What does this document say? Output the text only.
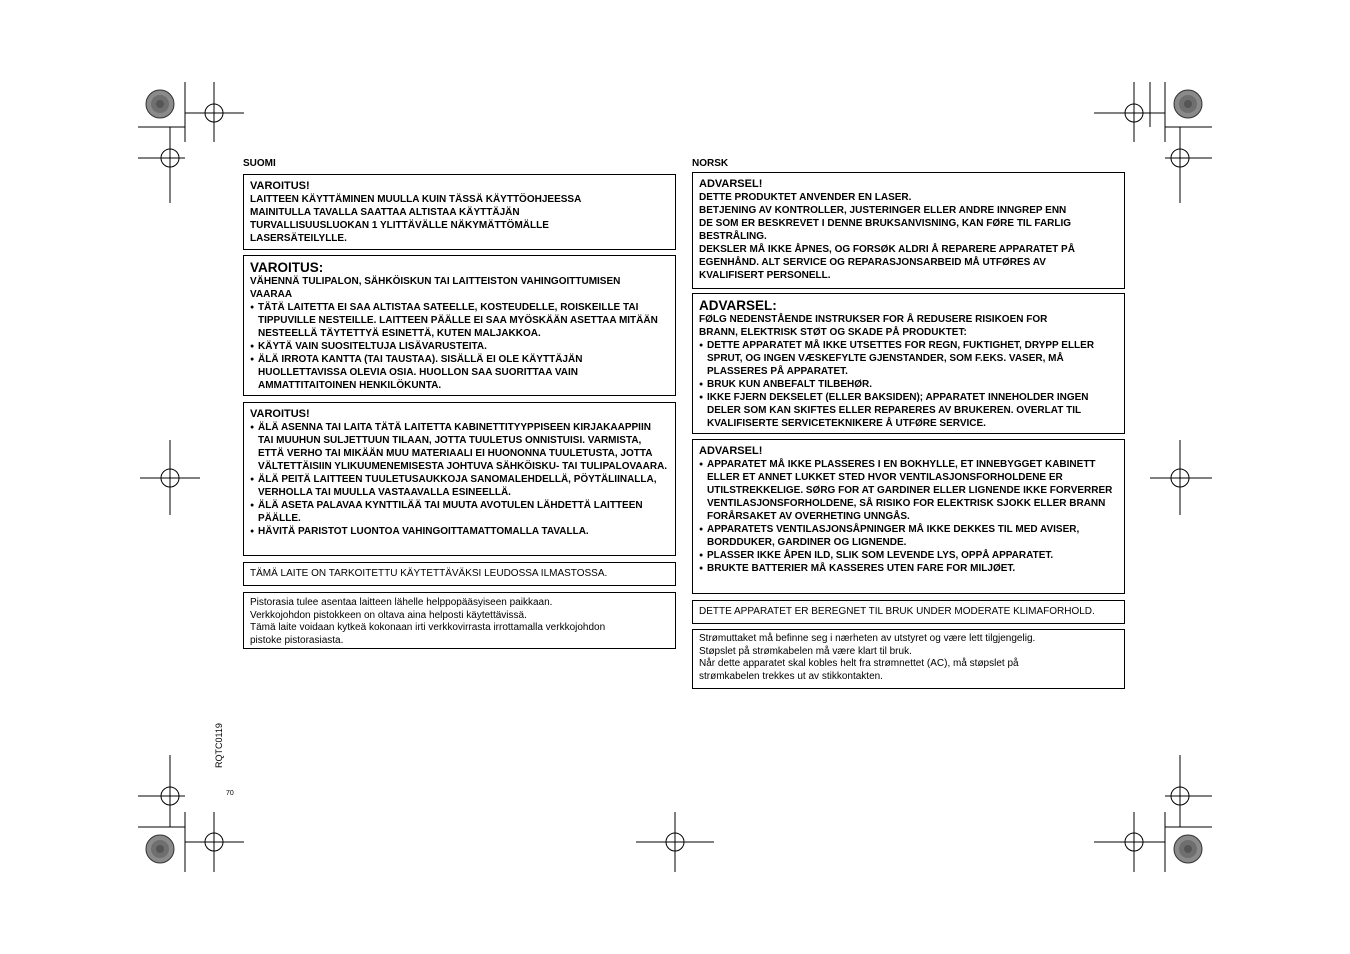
SUOMI
VAROITUS!

LAITTEEN KÄYTTÄMINEN MUULLA KUIN TÄSSÄ KÄYTTÖOHJEESSA

MAINITULLA TAVALLA SAATTAA ALTISTAA KÄYTTÄJÄN

TURVALLISUUSLUOKAN 1 YLITTÄVÄLLE NÄKYMÄTTÖMÄLLE

LASERSÄTEILYLLE.

VAROITUS:

VÄHENNÄ TULIPALON, SÄHKÖISKUN TAI LAITTEISTON VAHINGOITTUMISEN

VAARAA

● TÄTÄ LAITETTA EI SAA ALTISTAA SATEELLE, KOSTEUDELLE, ROISKEILLE TAI TIPPUVILLE NESTEILLE. LAITTEEN PÄÄLLE EI SAA MYÖSKÄÄN ASETTAA MITÄÄN NESTEELLÄ TÄYTETTYÄ ESINETTÄ, KUTEN MALJAKKOA.

● KÄYTÄ VAIN SUOSITELTUJA LISÄVARUSTEITA.

● ÄLÄ IRROTA KANTTA (TAI TAUSTAA). SISÄLLÄ EI OLE KÄYTTÄJÄN HUOLLETTAVISSA OLEVIA OSIA. HUOLLON SAA SUORITTAA VAIN AMMATTITAITOINEN HENKILÖKUNTA.

VAROITUS!

● ÄLÄ ASENNA TAI LAITA TÄTÄ LAITETTA KABINETTITYYPPISEEN KIRJAKAAPPIIN TAI MUUHUN SULJETTUUN TILAAN, JOTTA TUULETUS ONNISTUISI. VARMISTA, ETTÄ VERHO TAI MIKÄÄN MUU MATERIAALI EI HUONONNA TUULETUSTA, JOTTA VÄLTETTÄISIIN YLIKUUMENEMISESTA JOHTUVA SÄHKÖISKU- TAI TULIPALOVAARA.

● ÄLÄ PEITÄ LAITTEEN TUULETUSAUKKOJA SANOMALEHDELLÄ, PÖYTÄLIINALLA, VERHOLLA TAI MUULLA VASTAAVALLA ESINEELLÄ.

● ÄLÄ ASETA PALAVAA KYNTTILÄÄ TAI MUUTA AVOTULEN LÄHDETTÄ LAITTEEN PÄÄLLE.

● HÄVITÄ PARISTOT LUONTOA VAHINGOITTAMATTOMALLA TAVALLA.

TÄMÄ LAITE ON TARKOITETTU KÄYTETTÄVÄKSI LEUDOSSA ILMASTOSSA.

Pistorasia tulee asentaa laitteen lähelle helppopääsyiseen paikkaan.

Verkkojohdon pistokkeen on oltava aina helposti käytettävissä.

Tämä laite voidaan kytkeä kokonaan irti verkkovirrasta irrottamalla verkkojohdon

pistoke pistorasiasta.

NORSK
ADVARSEL!

DETTE PRODUKTET ANVENDER EN LASER.

BETJENING AV KONTROLLER, JUSTERINGER ELLER ANDRE INNGREP ENN

DE SOM ER BESKREVET I DENNE BRUKSANVISNING, KAN FØRE TIL FARLIG

BESTRÅLING.

DEKSLER MÅ IKKE ÅPNES, OG FORSØK ALDRI Å REPARERE APPARATET PÅ

EGENHÅND. ALT SERVICE OG REPARASJONSARBEID MÅ UTFØRES AV

KVALIFISERT PERSONELL.

ADVARSEL:

FØLG NEDENSTÅENDE INSTRUKSER FOR Å REDUSERE RISIKOEN FOR

BRANN, ELEKTRISK STØT OG SKADE PÅ PRODUKTET:

● DETTE APPARATET MÅ IKKE UTSETTES FOR REGN, FUKTIGHET, DRYPP ELLER SPRUT, OG INGEN VÆSKEFYLTE GJENSTANDER, SOM F.EKS. VASER, MÅ PLASSERES PÅ APPARATET.

● BRUK KUN ANBEFALT TILBEHØR.

● IKKE FJERN DEKSELET (ELLER BAKSIDEN); APPARATET INNEHOLDER INGEN DELER SOM KAN SKIFTES ELLER REPARERES AV BRUKEREN. OVERLAT TIL KVALIFISERTE SERVICETEKNIKERE Å UTFØRE SERVICE.

ADVARSEL!

● APPARATET MÅ IKKE PLASSERES I EN BOKHYLLE, ET INNEBYGGET KABINETT ELLER ET ANNET LUKKET STED HVOR VENTILASJONSFORHOLDENE ER UTILSTREKKELIGE. SØRG FOR AT GARDINER ELLER LIGNENDE IKKE FORVERRER VENTILASJONSFORHOLDENE, SÅ RISIKO FOR ELEKTRISK SJOKK ELLER BRANN FORÅRSAKET AV OVERHETING UNNGÅS.

● APPARATETS VENTILASJONSÅPNINGER MÅ IKKE DEKKES TIL MED AVISER, BORDDUKER, GARDINER OG LIGNENDE.

● PLASSER IKKE ÅPEN ILD, SLIK SOM LEVENDE LYS, OPPÅ APPARATET.

● BRUKTE BATTERIER MÅ KASSERES UTEN FARE FOR MILJØET.

DETTE APPARATET ER BEREGNET TIL BRUK UNDER MODERATE KLIMAFORHOLD.

Strømuttaket må befinne seg i nærheten av utstyret og være lett tilgjengelig.

Støpslet på strømkabelen må være klart til bruk.

Når dette apparatet skal kobles helt fra strømnettet (AC), må støpslet på

strømkabelen trekkes ut av stikkontakten.

RQTC0119
70
